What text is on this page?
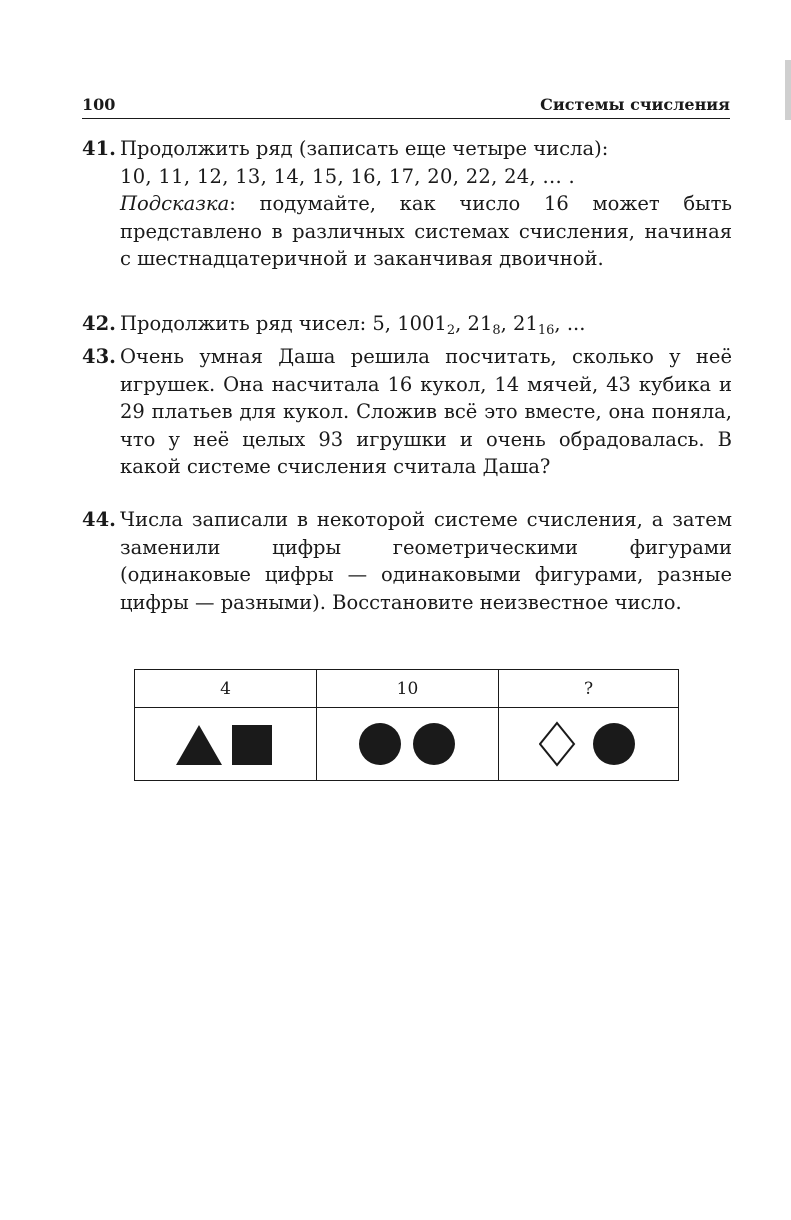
100	Системы счисления
41. Продолжить ряд (записать еще четыре числа):

10, 11, 12, 13, 14, 15, 16, 17, 20, 22, 24, ... .

Подсказка: подумайте, как число 16 может быть представлено в различных системах счисления, начиная с шестнадцатеричной и заканчивая двоичной.

42. Продолжить ряд чисел: 5, $1001_2$, $21_8$, $21_{16}$, ...

43. Очень умная Даша решила посчитать, сколько у неё игрушек. Она насчитала 16 кукол, 14 мячей, 43 кубика и 29 платьев для кукол. Сложив всё это вместе, она поняла, что у неё целых 93 игрушки и очень обрадовалась. В какой системе счисления считала Даша?

44. Числа записали в некоторой системе счисления, а затем заменили цифры геометрическими фигурами (одинаковые цифры — одинаковыми фигурами, разные цифры — разными). Восстановите неизвестное число.

4	10	?
